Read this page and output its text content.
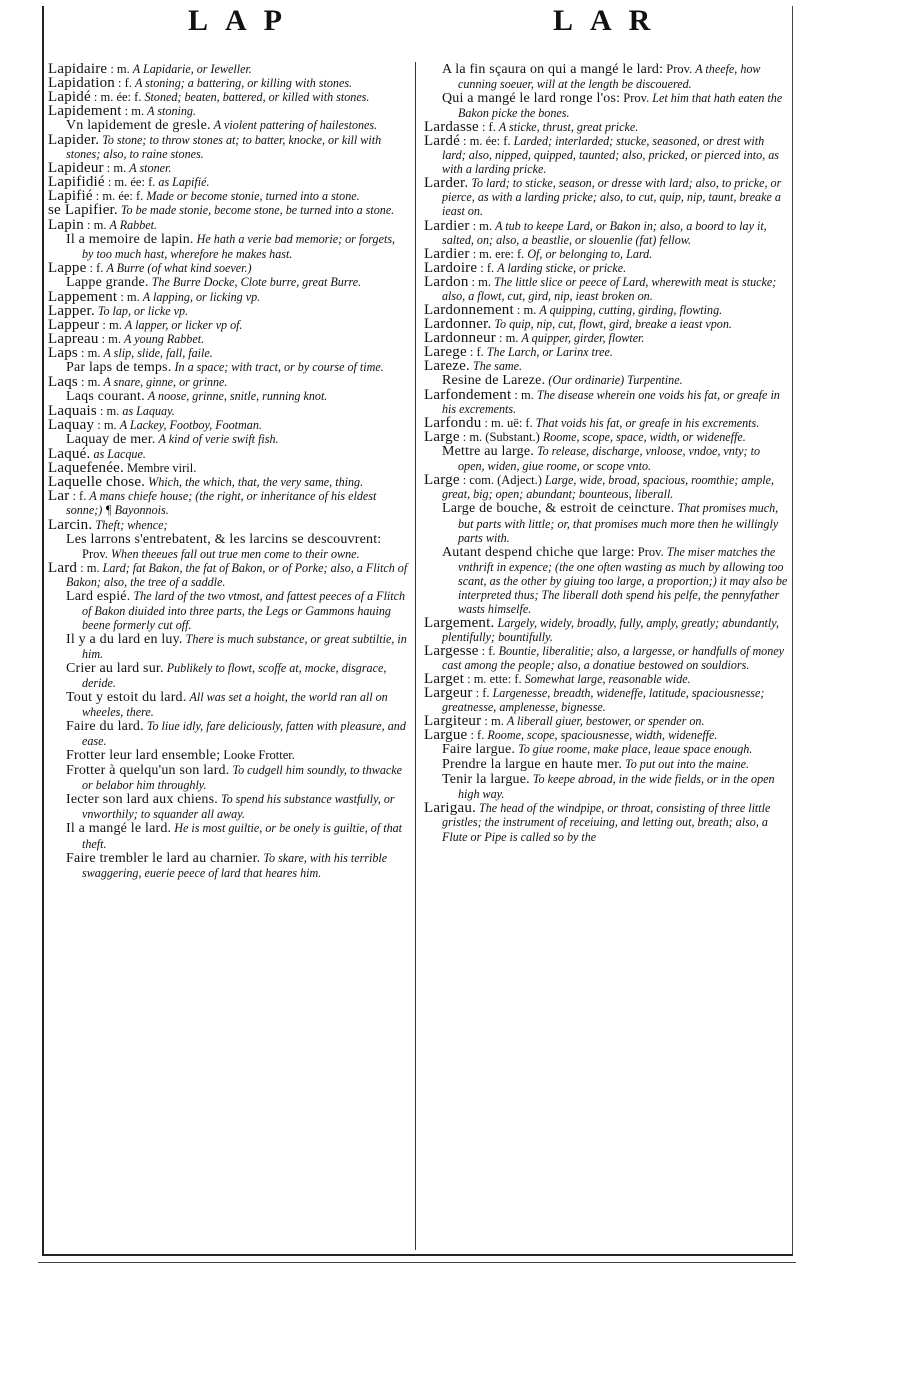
LAP	LAR

Lapidaire : m. A Lapidarie, or Ieweller.

Lapidation : f. A stoning; a battering, or killing with stones.

Lapidé : m. ée: f. Stoned; beaten, battered, or killed with stones.

Lapidement : m. A stoning.

Vn lapidement de gresle. A violent pattering of hailestones.

Lapider. To stone; to throw stones at; to batter, knocke, or kill with stones; also, to raine stones.

Lapideur : m. A stoner.

Lapifidié : m. ée: f. as Lapifié.

Lapifié : m. ée: f. Made or become stonie, turned into a stone.

se Lapifier. To be made stonie, become stone, be turned into a stone.

Lapin : m. A Rabbet.

Il a memoire de lapin. He hath a verie bad memorie; or forgets, by too much hast, wherefore he makes hast.

Lappe : f. A Burre (of what kind soever.)

Lappe grande. The Burre Docke, Clote burre, great Burre.

Lappement : m. A lapping, or licking vp.

Lapper. To lap, or licke vp.

Lappeur : m. A lapper, or licker vp of.

Lapreau : m. A young Rabbet.

Laps : m. A slip, slide, fall, faile.

Par laps de temps. In a space; with tract, or by course of time.

Laqs : m. A snare, ginne, or grinne.

Laqs courant. A noose, grinne, snitle, running knot.

Laquais : m. as Laquay.

Laquay : m. A Lackey, Footboy, Footman.

Laquay de mer. A kind of verie swift fish.

Laqué. as Lacque.

Laquefenée. Membre viril.

Laquelle chose. Which, the which, that, the very same, thing.

Lar : f. A mans chiefe house; (the right, or inheritance of his eldest sonne;) ¶ Bayonnois.

Larcin. Theft; whence;

Les larrons s'entrebatent, & les larcins se descouvrent: Prov. When theeues fall out true men come to their owne.

Lard : m. Lard; fat Bakon, the fat of Bakon, or of Porke; also, a Flitch of Bakon; also, the tree of a saddle.

Lard espié. The lard of the two vtmost, and fattest peeces of a Flitch of Bakon diuided into three parts, the Legs or Gammons hauing beene formerly cut off.

Il y a du lard en luy. There is much substance, or great subtiltie, in him.

Crier au lard sur. Publikely to flowt, scoffe at, mocke, disgrace, deride.

Tout y estoit du lard. All was set a hoight, the world ran all on wheeles, there.

Faire du lard. To liue idly, fare deliciously, fatten with pleasure, and ease.

Frotter leur lard ensemble; Looke Frotter.

Frotter à quelqu'un son lard. To cudgell him soundly, to thwacke or belabor him throughly.

Iecter son lard aux chiens. To spend his substance wastfully, or vnworthily; to squander all away.

Il a mangé le lard. He is most guiltie, or be onely is guiltie, of that theft.

Faire trembler le lard au charnier. To skare, with his terrible swaggering, euerie peece of lard that heares him.

A la fin sçaura on qui a mangé le lard: Prov. A theefe, how cunning soeuer, will at the length be discouered.

Qui a mangé le lard ronge l'os: Prov. Let him that hath eaten the Bakon picke the bones.

Lardasse : f. A sticke, thrust, great pricke.

Lardé : m. ée: f. Larded; interlarded; stucke, seasoned, or drest with lard; also, nipped, quipped, taunted; also, pricked, or pierced into, as with a larding pricke.

Larder. To lard; to sticke, season, or dresse with lard; also, to pricke, or pierce, as with a larding pricke; also, to cut, quip, nip, taunt, breake a ieast on.

Lardier : m. A tub to keepe Lard, or Bakon in; also, a boord to lay it, salted, on; also, a beastlie, or slouenlie (fat) fellow.

Lardier : m. ere: f. Of, or belonging to, Lard.

Lardoire : f. A larding sticke, or pricke.

Lardon : m. The little slice or peece of Lard, wherewith meat is stucke; also, a flowt, cut, gird, nip, ieast broken on.

Lardonnement : m. A quipping, cutting, girding, flowting.

Lardonner. To quip, nip, cut, flowt, gird, breake a ieast vpon.

Lardonneur : m. A quipper, girder, flowter.

Larege : f. The Larch, or Larinx tree.

Lareze. The same.

Resine de Lareze. (Our ordinarie) Turpentine.

Larfondement : m. The disease wherein one voids his fat, or greafe in his excrements.

Larfondu : m. uë: f. That voids his fat, or greafe in his excrements.

Large : m. (Substant.) Roome, scope, space, width, or wideneffe.

Mettre au large. To release, discharge, vnloose, vndoe, vnty; to open, widen, giue roome, or scope vnto.

Large : com. (Adject.) Large, wide, broad, spacious, roomthie; ample, great, big; open; abundant; bounteous, liberall.

Large de bouche, & estroit de ceincture. That promises much, but parts with little; or, that promises much more then he willingly parts with.

Autant despend chiche que large: Prov. The miser matches the vnthrift in expence; (the one often wasting as much by allowing too scant, as the other by giuing too large, a proportion;) it may also be interpreted thus; The liberall doth spend his pelfe, the pennyfather wasts himselfe.

Largement. Largely, widely, broadly, fully, amply, greatly; abundantly, plentifully; bountifully.

Largesse : f. Bountie, liberalitie; also, a largesse, or handfulls of money cast among the people; also, a donatiue bestowed on souldiors.

Larget : m. ette: f. Somewhat large, reasonable wide.

Largeur : f. Largenesse, breadth, wideneffe, latitude, spaciousnesse; greatnesse, amplenesse, bignesse.

Largiteur : m. A liberall giuer, bestower, or spender on.

Largue : f. Roome, scope, spaciousnesse, width, wideneffe.

Faire largue. To giue roome, make place, leaue space enough.

Prendre la largue en haute mer. To put out into the maine.

Tenir la largue. To keepe abroad, in the wide fields, or in the open high way.

Larigau. The head of the windpipe, or throat, consisting of three little gristles; the instrument of receiuing, and letting out, breath; also, a Flute or Pipe is called so by the
